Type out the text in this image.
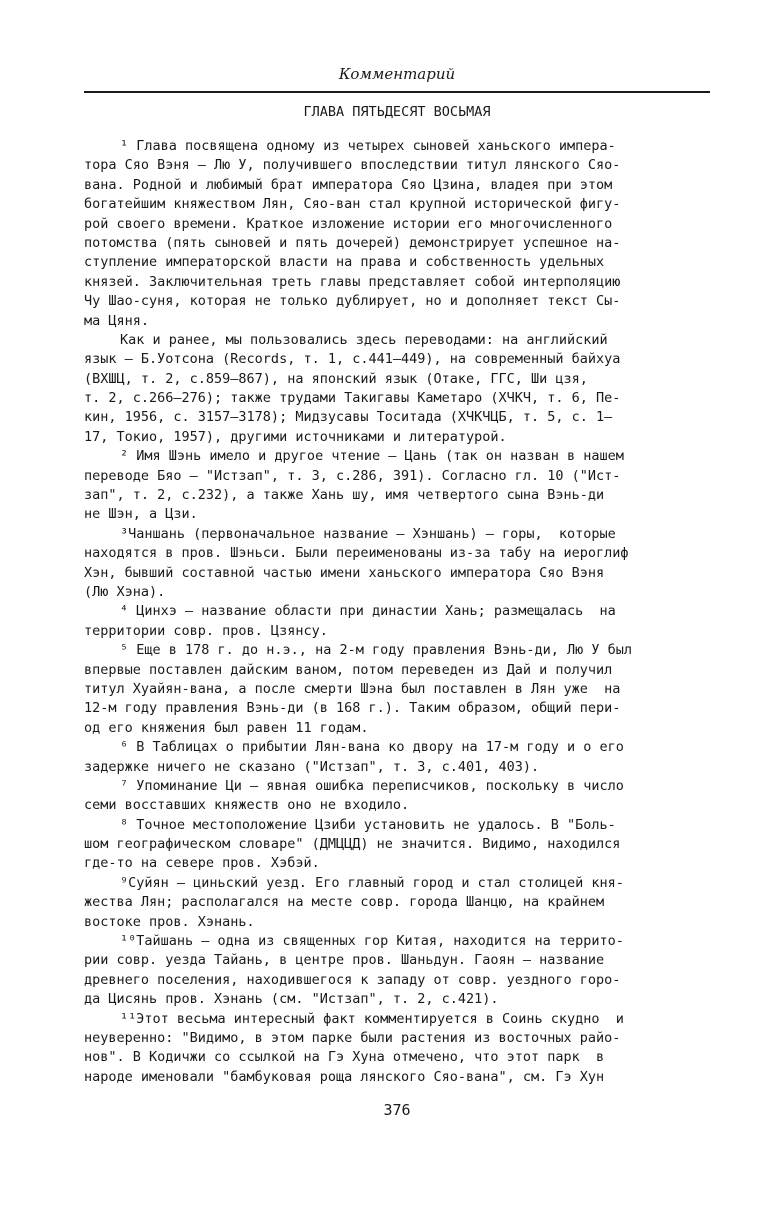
Комментарий
ГЛАВА ПЯТЬДЕСЯТ ВОСЬМАЯ
¹ Глава посвящена одному из четырех сыновей ханьского импера-
тора Сяо Вэня — Лю У, получившего впоследствии титул лянского Сяо-
вана. Родной и любимый брат императора Сяо Цзина, владея при этом
богатейшим княжеством Лян, Сяо-ван стал крупной исторической фигу-
рой своего времени. Краткое изложение истории его многочисленного
потомства (пять сыновей и пять дочерей) демонстрирует успешное на-
ступление императорской власти на права и собственность удельных
князей. Заключительная треть главы представляет собой интерполяцию
Чу Шао-суня, которая не только дублирует, но и дополняет текст Сы-
ма Цяня.
Как и ранее, мы пользовались здесь переводами: на английский
язык — Б.Уотсона (Records, т. 1, с.441—449), на современный байхуа
(ВХШЦ, т. 2, с.859—867), на японский язык (Отаке, ГГС, Ши цзя,
т. 2, с.266—276); также трудами Такигавы Каметаро (ХЧКЧ, т. 6, Пе-
кин, 1956, с. 3157—3178); Мидзусавы Тоситада (ХЧКЧЦБ, т. 5, с. 1—
17, Токио, 1957), другими источниками и литературой.
² Имя Шэнь имело и другое чтение — Цань (так он назван в нашем
переводе Бяо — "Истзап", т. 3, с.286, 391). Согласно гл. 10 ("Ист-
зап", т. 2, с.232), а также Хань шу, имя четвертого сына Вэнь-ди
не Шэн, а Цзи.
³Чаншань (первоначальное название — Хэншань) — горы,  которые
находятся в пров. Шэньси. Были переименованы из-за табу на иероглиф
Хэн, бывший составной частью имени ханьского императора Сяо Вэня
(Лю Хэна).
⁴ Цинхэ — название области при династии Хань; размещалась  на
территории совр. пров. Цзянсу.
⁵ Еще в 178 г. до н.э., на 2-м году правления Вэнь-ди, Лю У был
впервые поставлен дайским ваном, потом переведен из Дай и получил
титул Хуайян-вана, а после смерти Шэна был поставлен в Лян уже  на
12-м году правления Вэнь-ди (в 168 г.). Таким образом, общий пери-
од его княжения был равен 11 годам.
⁶ В Таблицах о прибытии Лян-вана ко двору на 17-м году и о его
задержке ничего не сказано ("Истзап", т. 3, с.401, 403).
⁷ Упоминание Ци — явная ошибка переписчиков, поскольку в число
семи восставших княжеств оно не входило.
⁸ Точное местоположение Цзиби установить не удалось. В "Боль-
шом географическом словаре" (ДМЦЦД) не значится. Видимо, находился
где-то на севере пров. Хэбэй.
⁹Суйян — циньский уезд. Его главный город и стал столицей кня-
жества Лян; располагался на месте совр. города Шанцю, на крайнем
востоке пров. Хэнань.
¹⁰Тайшань — одна из священных гор Китая, находится на террито-
рии совр. уезда Тайань, в центре пров. Шаньдун. Гаоян — название
древнего поселения, находившегося к западу от совр. уездного горо-
да Цисянь пров. Хэнань (см. "Истзап", т. 2, с.421).
¹¹Этот весьма интересный факт комментируется в Соинь скудно  и
неуверенно: "Видимо, в этом парке были растения из восточных райо-
нов". В Кодичжи со ссылкой на Гэ Хуна отмечено, что этот парк  в
народе именовали "бамбуковая роща лянского Сяо-вана", см. Гэ Хун
376
